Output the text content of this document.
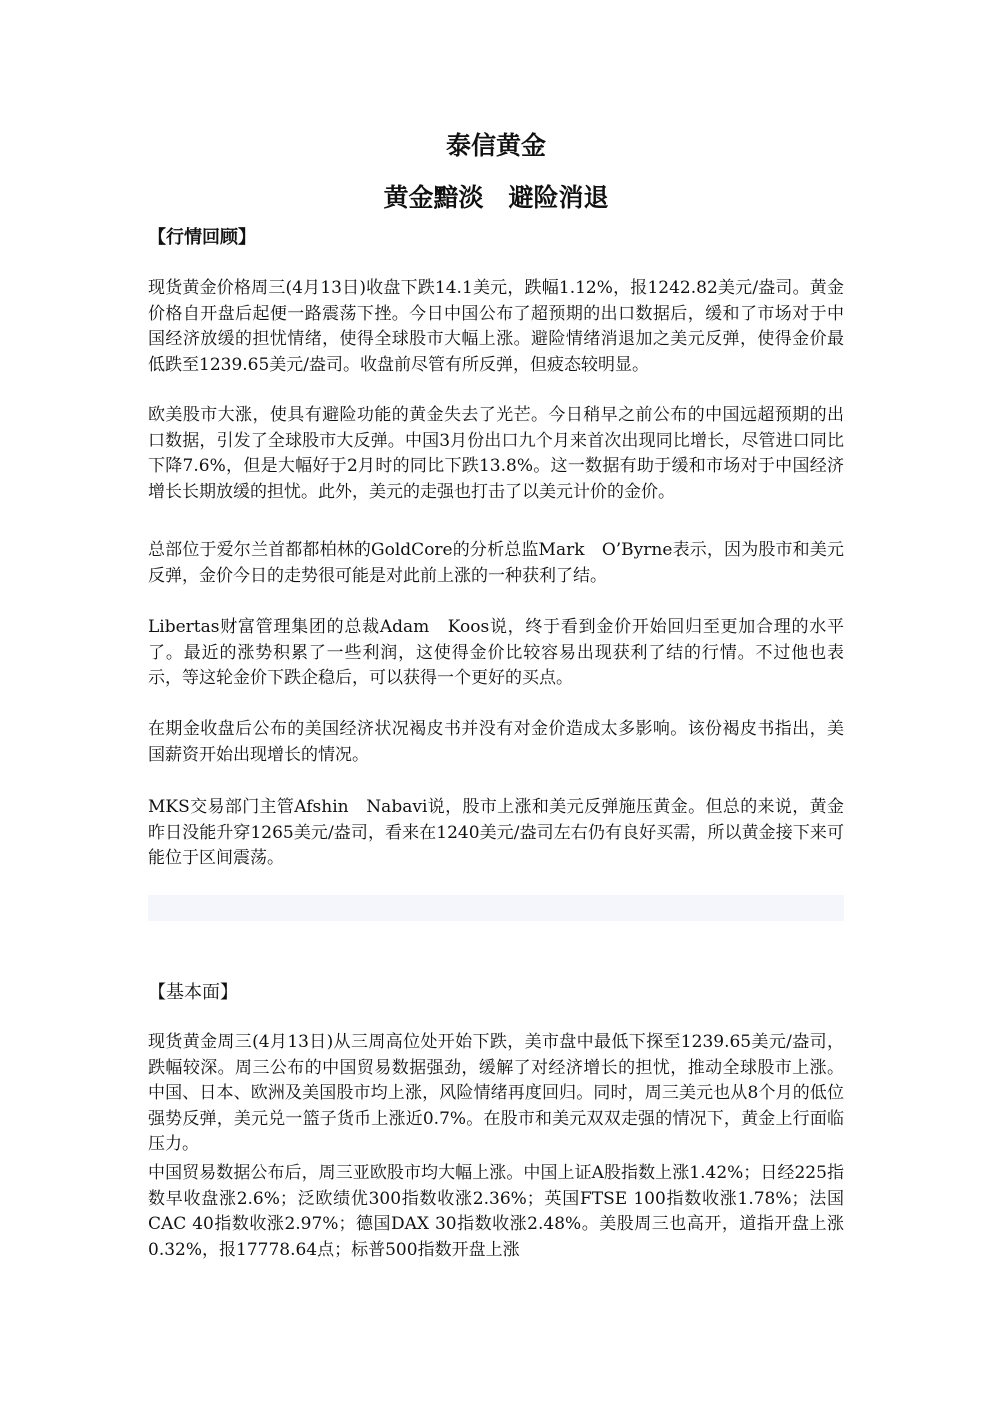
泰信黄金
黄金黯淡　避险消退
【行情回顾】

现货黄金价格周三(4月13日)收盘下跌14.1美元，跌幅1.12%，报1242.82美元/盎司。黄金价格自开盘后起便一路震荡下挫。今日中国公布了超预期的出口数据后，缓和了市场对于中国经济放缓的担忧情绪，使得全球股市大幅上涨。避险情绪消退加之美元反弹，使得金价最低跌至1239.65美元/盎司。收盘前尽管有所反弹，但疲态较明显。

欧美股市大涨，使具有避险功能的黄金失去了光芒。今日稍早之前公布的中国远超预期的出口数据，引发了全球股市大反弹。中国3月份出口九个月来首次出现同比增长，尽管进口同比下降7.6%，但是大幅好于2月时的同比下跌13.8%。这一数据有助于缓和市场对于中国经济增长长期放缓的担忧。此外，美元的走强也打击了以美元计价的金价。

总部位于爱尔兰首都都柏林的GoldCore的分析总监Mark　O’Byrne表示，因为股市和美元反弹，金价今日的走势很可能是对此前上涨的一种获利了结。

Libertas财富管理集团的总裁Adam　Koos说，终于看到金价开始回归至更加合理的水平了。最近的涨势积累了一些利润，这使得金价比较容易出现获利了结的行情。不过他也表示，等这轮金价下跌企稳后，可以获得一个更好的买点。

在期金收盘后公布的美国经济状况褐皮书并没有对金价造成太多影响。该份褐皮书指出，美国薪资开始出现增长的情况。

MKS交易部门主管Afshin　Nabavi说，股市上涨和美元反弹施压黄金。但总的来说，黄金昨日没能升穿1265美元/盎司，看来在1240美元/盎司左右仍有良好买需，所以黄金接下来可能位于区间震荡。

【基本面】

现货黄金周三(4月13日)从三周高位处开始下跌，美市盘中最低下探至1239.65美元/盎司，跌幅较深。周三公布的中国贸易数据强劲，缓解了对经济增长的担忧，推动全球股市上涨。中国、日本、欧洲及美国股市均上涨，风险情绪再度回归。同时，周三美元也从8个月的低位强势反弹，美元兑一篮子货币上涨近0.7%。在股市和美元双双走强的情况下，黄金上行面临压力。

中国贸易数据公布后，周三亚欧股市均大幅上涨。中国上证A股指数上涨1.42%；日经225指数早收盘涨2.6%；泛欧绩优300指数收涨2.36%；英国FTSE 100指数收涨1.78%；法国CAC 40指数收涨2.97%；德国DAX 30指数收涨2.48%。美股周三也高开，道指开盘上涨0.32%，报17778.64点；标普500指数开盘上涨
